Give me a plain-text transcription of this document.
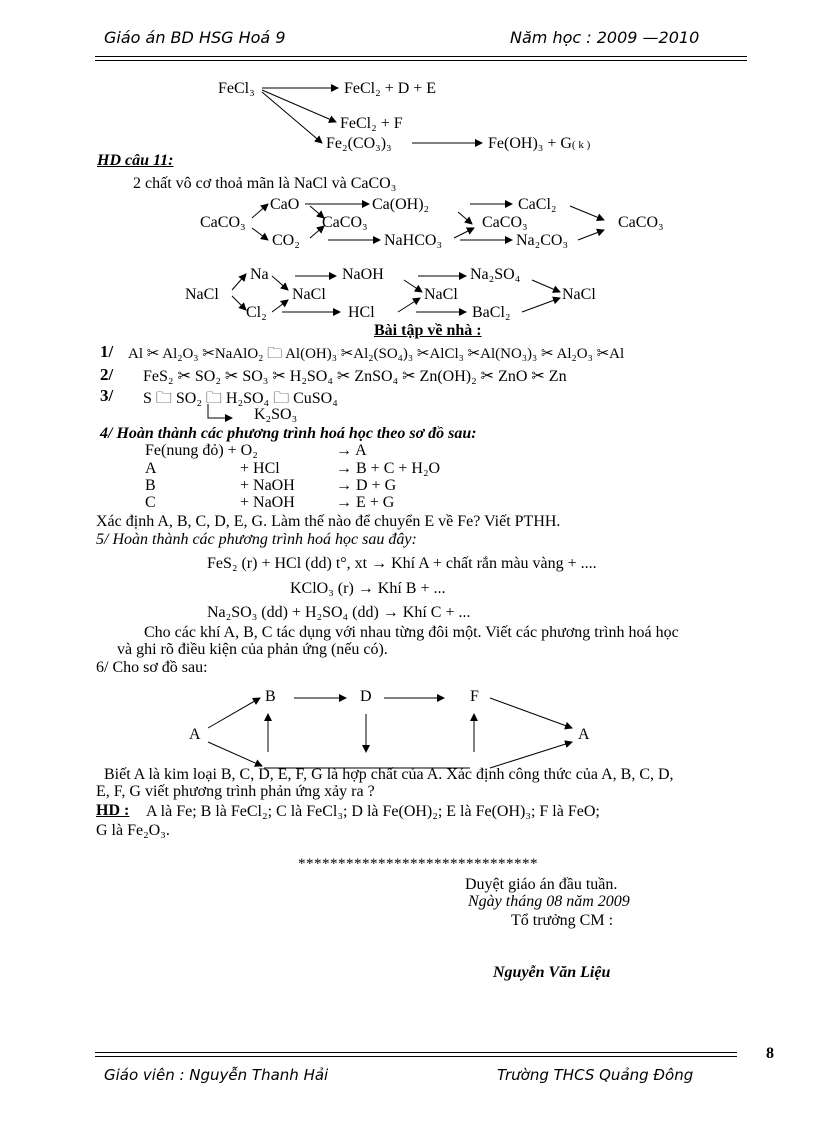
Giáo án BD HSG Hoá 9	Năm học : 2009 —2010
FeCl₃	FeCl₂ + D + E
FeCl₂ + F
Fe₂(CO₃)₃	Fe(OH)₃ + G( k )
HD câu 11:
2 chất vô cơ thoả mãn là NaCl và CaCO₃
CaCO₃
CaO
CO₂
CaCO₃
Ca(OH)₂
NaHCO₃
CaCO₃
CaCl₂
Na₂CO₃
CaCO₃
NaCl
Na
Cl₂
NaCl
NaOH
HCl
NaCl
Na₂SO₄
BaCl₂
NaCl
Bài tập về nhà :
1/ Al ✂ Al₂O₃ ✂NaAlO₂ 🗀 Al(OH)₃ ✂Al₂(SO₄)₃ ✂AlCl₃ ✂Al(NO₃)₃ ✂ Al₂O₃ ✂Al
2/ FeS₂ ✂ SO₂ ✂ SO₃ ✂ H₂SO₄ ✂ ZnSO₄ ✂ Zn(OH)₂ ✂ ZnO ✂ Zn
3/ S 🗀 SO₂ 🗀 H₂SO₄ 🗀 CuSO₄
K₂SO₃
4/ Hoàn thành các phương trình hoá học theo sơ đồ sau:
Fe(nung đỏ) + O₂	→ A
A	+ HCl	→ B + C + H₂O
B	+ NaOH	→ D + G
C	+ NaOH	→ E + G
Xác định A, B, C, D, E, G. Làm thế nào để chuyển E về Fe? Viết PTHH.
5/ Hoàn thành các phương trình hoá học sau đây:
FeS₂ (r) + HCl (dd) t°, xt → Khí A + chất rắn màu vàng + ....
KClO₃ (r) → Khí B + ...
Na₂SO₃ (dd) + H₂SO₄ (dd) → Khí C + ...
Cho các khí A, B, C tác dụng với nhau từng đôi một. Viết các phương trình hoá học
và ghi rõ điều kiện của phản ứng (nếu có).
6/ Cho sơ đồ sau:
A
B	D	F
A
Biết A là kim loại B, C, D, E, F, G là hợp chất của A. Xác định công thức của A, B, C, D,
E, F, G viết phương trình phản ứng xảy ra ?
HD : A là Fe; B là FeCl₂; C là FeCl₃; D là Fe(OH)₂; E là Fe(OH)₃; F là FeO;
G là Fe₂O₃.
******************************
Duyệt giáo án đầu tuần.
Ngày tháng 08 năm 2009
Tổ trưởng CM :
Nguyễn Văn Liệu
8
Giáo viên : Nguyễn Thanh Hải	Trường THCS Quảng Đông
